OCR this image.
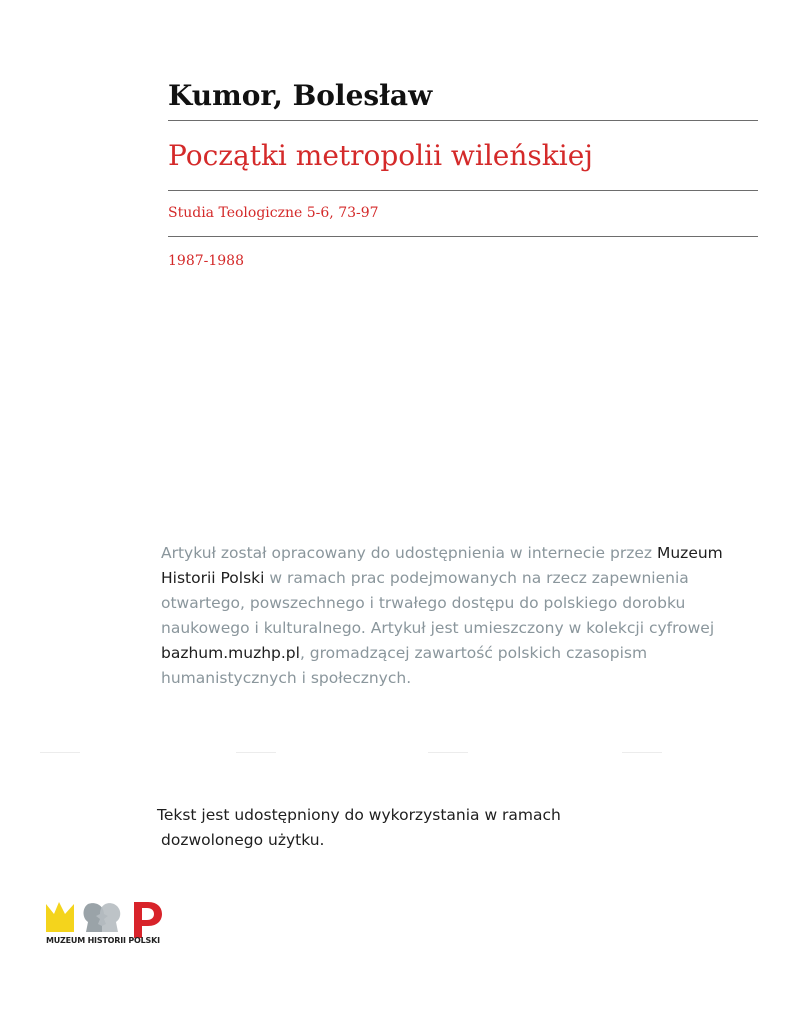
Kumor, Bolesław
Początki metropolii wileńskiej

Studia Teologiczne 5-6, 73-97

1987-1988

Artykuł został opracowany do udostępnienia w internecie przez Muzeum Historii Polski w ramach prac podejmowanych na rzecz zapewnienia otwartego, powszechnego i trwałego dostępu do polskiego dorobku naukowego i kulturalnego. Artykuł jest umieszczony w kolekcji cyfrowej bazhum.muzhp.pl, gromadzącej zawartość polskich czasopism humanistycznych i społecznych.

Tekst jest udostępniony do wykorzystania w ramach
dozwolonego użytku.

MUZEUM HISTORII POLSKI
